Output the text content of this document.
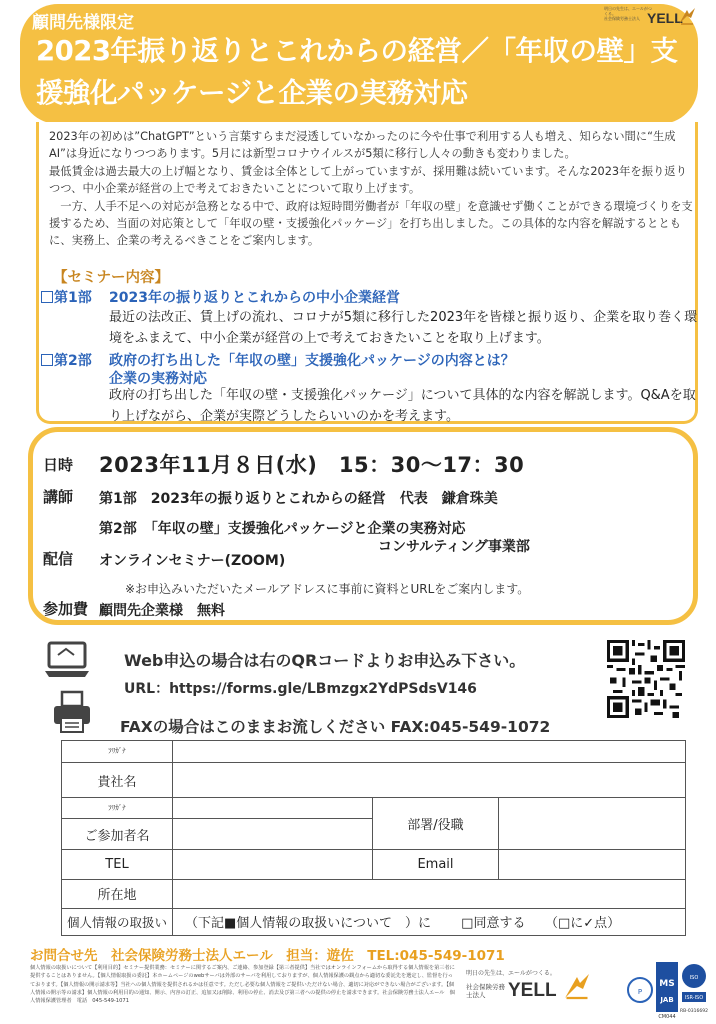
顧問先様限定
2023年振り返りとこれからの経営／「年収の壁」支援強化パッケージと企業の実務対応
明日の先生は、エールがつくる。
社会保険労務士法人 YELL

2023年の初めは”ChatGPT”という言葉すらまだ浸透していなかったのに今や仕事で利用する人も増え、知らない間に“生成AI”は身近になりつつあります。5月には新型コロナウイルスが5類に移行し人々の動きも変わりました。

最低賃金は過去最大の上げ幅となり、賃金は全体として上がっていますが、採用難は続いています。そんな2023年を振り返りつつ、中小企業が経営の上で考えておきたいことについて取り上げます。

一方、人手不足への対応が急務となる中で、政府は短時間労働者が「年収の壁」を意識せず働くことができる環境づくりを支援するため、当面の対応策として「年収の壁・支援強化パッケージ」を打ち出しました。この具体的な内容を解説するとともに、実務上、企業の考えるべきことをご案内します。

【セミナー内容】
第1部 2023年の振り返りとこれからの中小企業経営
最近の法改正、賃上げの流れ、コロナが5類に移行した2023年を皆様と振り返り、企業を取り巻く環境をふまえて、中小企業が経営の上で考えておきたいことを取り上げます。
第2部 政府の打ち出した「年収の壁」支援強化パッケージの内容とは？
企業の実務対応
政府の打ち出した「年収の壁・支援強化パッケージ」について具体的な内容を解説します。Q&Aを取り上げながら、企業が実際どうしたらいいのかを考えます。
日時 2023年11月８日(水)　15：30～17：30
講師 第1部　2023年の振り返りとこれからの経営　代表　鎌倉珠美
第2部　「年収の壁」支援強化パッケージと企業の実務対応
コンサルティング事業部
配信 オンラインセミナー(ZOOM)
※お申込みいただいたメールアドレスに事前に資料とURLをご案内します。
参加費 顧問先企業様　無料
Web申込の場合は右のQRコードよりお申込み下さい。
URL：https://forms.gle/LBmzgx2YdPSdsV146
FAXの場合はこのままお流しください FAX:045-549-1072
ﾌﾘｶﾞﾅ			
貴社名			
ﾌﾘｶﾞﾅ		部署/役職	
ご参加者名			
TEL		Email	
所在地			
個人情報の取扱い	（下記■個人情報の取扱いについて　）に　　 □同意する　　（□に✓点）		
お問合せ先　社会保険労務士法人エール　担当：遊佐　TEL:045-549-1071
個人情報の取扱いについて【利用目的】セミナー提供業務：セミナーに関するご案内、ご連絡、参加登録【第三者提供】当社ではオンラインフォームから取得する個人情報を第三者に提供することはありません。【個人情報取扱の委託】本ホームページのwebサーバは外部のサーバを利用しておりますが、個人情報保護の観点から適切な委託先を選定し、監督を行っております。【個人情報の開示請求等】当社への個人情報を提供されるかは任意です。ただし必要な個人情報をご提供いただけない場合、適切に対応ができない場合がございます。【個人情報の開示等の請求】個人情報の利用目的の通知、開示、内容の訂正、追加又は削除、利用の停止、消去及び第三者への提供の停止を請求できます。社会保険労務士法人エール　個人情報保護管理者　電話　045-549-1071
明日の先生は、エールがつくる。
社会保険労務士法人	YELL	P
MS
JAB
CM044
ISO
ISR-ISO
RB-0316692
